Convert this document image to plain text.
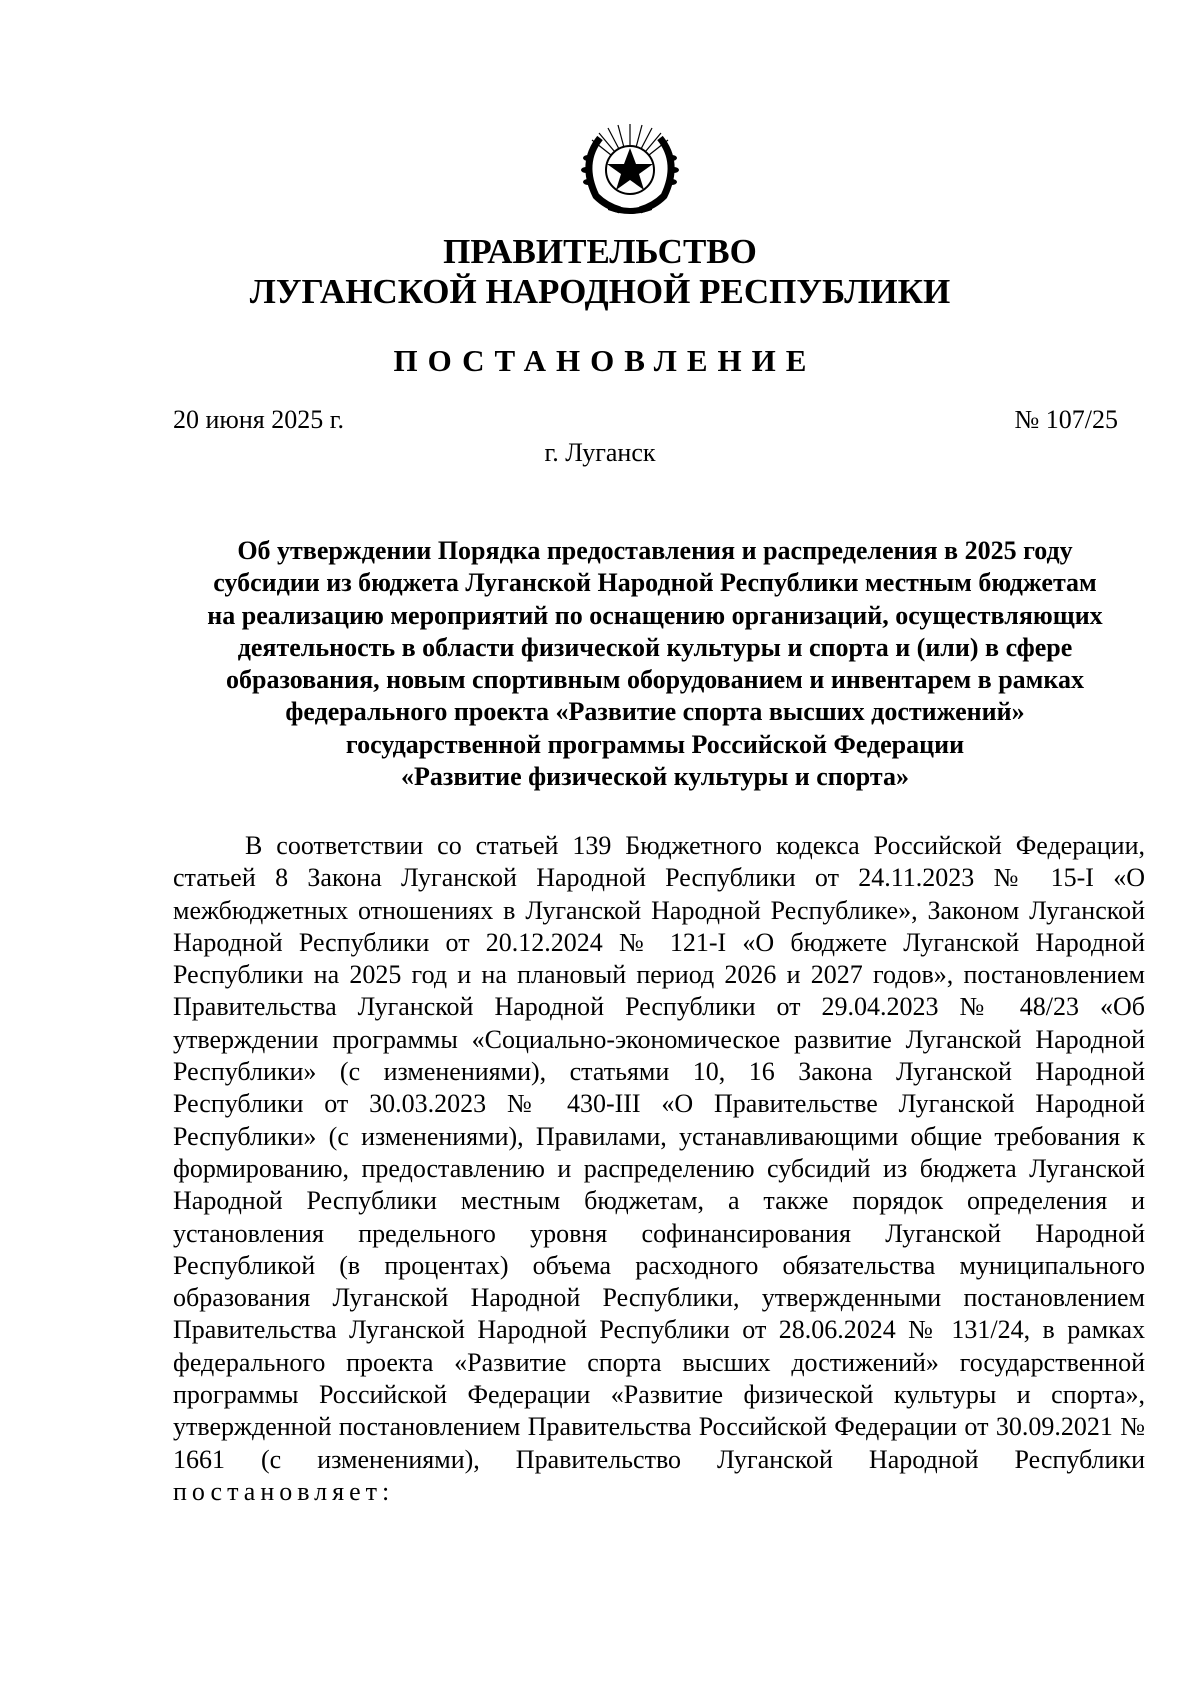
ПРАВИТЕЛЬСТВО
ЛУГАНСКОЙ НАРОДНОЙ РЕСПУБЛИКИ
ПОСТАНОВЛЕНИЕ
20 июня 2025 г.	№ 107/25
г. Луганск
Об утверждении Порядка предоставления и распределения в 2025 году
субсидии из бюджета Луганской Народной Республики местным бюджетам
на реализацию мероприятий по оснащению организаций, осуществляющих
деятельность в области физической культуры и спорта и (или) в сфере
образования, новым спортивным оборудованием и инвентарем в рамках
федерального проекта «Развитие спорта высших достижений»
государственной программы Российской Федерации
«Развитие физической культуры и спорта»

В соответствии со статьей 139 Бюджетного кодекса Российской Федерации, статьей 8 Закона Луганской Народной Республики от 24.11.2023 № 15-I «О межбюджетных отношениях в Луганской Народной Республике», Законом Луганской Народной Республики от 20.12.2024 № 121-I «О бюджете Луганской Народной Республики на 2025 год и на плановый период 2026 и 2027 годов», постановлением Правительства Луганской Народной Республики от 29.04.2023 № 48/23 «Об утверждении программы «Социально-экономическое развитие Луганской Народной Республики» (с изменениями), статьями 10, 16 Закона Луганской Народной Республики от 30.03.2023 № 430-III «О Правительстве Луганской Народной Республики» (с изменениями), Правилами, устанавливающими общие требования к формированию, предоставлению и распределению субсидий из бюджета Луганской Народной Республики местным бюджетам, а также порядок определения и установления предельного уровня софинансирования Луганской Народной Республикой (в процентах) объема расходного обязательства муниципального образования Луганской Народной Республики, утвержденными постановлением Правительства Луганской Народной Республики от 28.06.2024 № 131/24, в рамках федерального проекта «Развитие спорта высших достижений» государственной программы Российской Федерации «Развитие физической культуры и спорта», утвержденной постановлением Правительства Российской Федерации от 30.09.2021 № 1661 (с изменениями), Правительство Луганской Народной Республики постановляет:
